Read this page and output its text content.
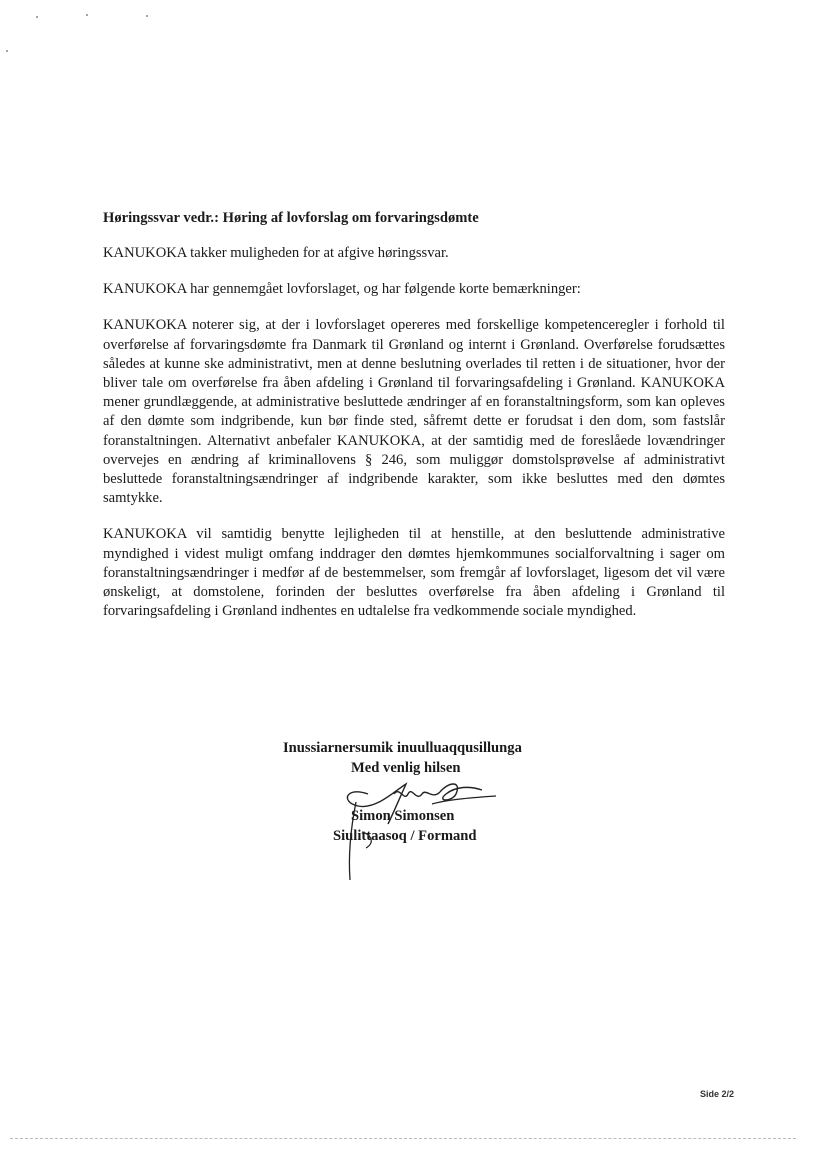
Høringssvar vedr.: Høring af lovforslag om forvaringsdømte

KANUKOKA takker muligheden for at afgive høringssvar.

KANUKOKA har gennemgået lovforslaget, og har følgende korte bemærkninger:

KANUKOKA noterer sig, at der i lovforslaget opereres med forskellige kompetenceregler i forhold til overførelse af forvaringsdømte fra Danmark til Grønland og internt i Grønland. Overførelse forudsættes således at kunne ske administrativt, men at denne beslutning overlades til retten i de situationer, hvor der bliver tale om overførelse fra åben afdeling i Grønland til forvaringsafdeling i Grønland. KANUKOKA mener grundlæggende, at administrative besluttede ændringer af en foranstaltningsform, som kan opleves af den dømte som indgribende, kun bør finde sted, såfremt dette er forudsat i den dom, som fastslår foranstaltningen. Alternativt anbefaler KANUKOKA, at der samtidig med de foreslåede lovændringer overvejes en ændring af kriminallovens § 246, som muliggør domstolsprøvelse af administrativt besluttede foranstaltningsændringer af indgribende karakter, som ikke besluttes med den dømtes samtykke.

KANUKOKA vil samtidig benytte lejligheden til at henstille, at den besluttende administrative myndighed i videst muligt omfang inddrager den dømtes hjemkommunes socialforvaltning i sager om foranstaltningsændringer i medfør af de bestemmelser, som fremgår af lovforslaget, ligesom det vil være ønskeligt, at domstolene, forinden der besluttes overførelse fra åben afdeling i Grønland til forvaringsafdeling i Grønland indhentes en udtalelse fra vedkommende sociale myndighed.

Inussiarnersumik inuulluaqqusillunga
Med venlig hilsen
Simon Simonsen
Siulittaasoq / Formand
Side 2/2
